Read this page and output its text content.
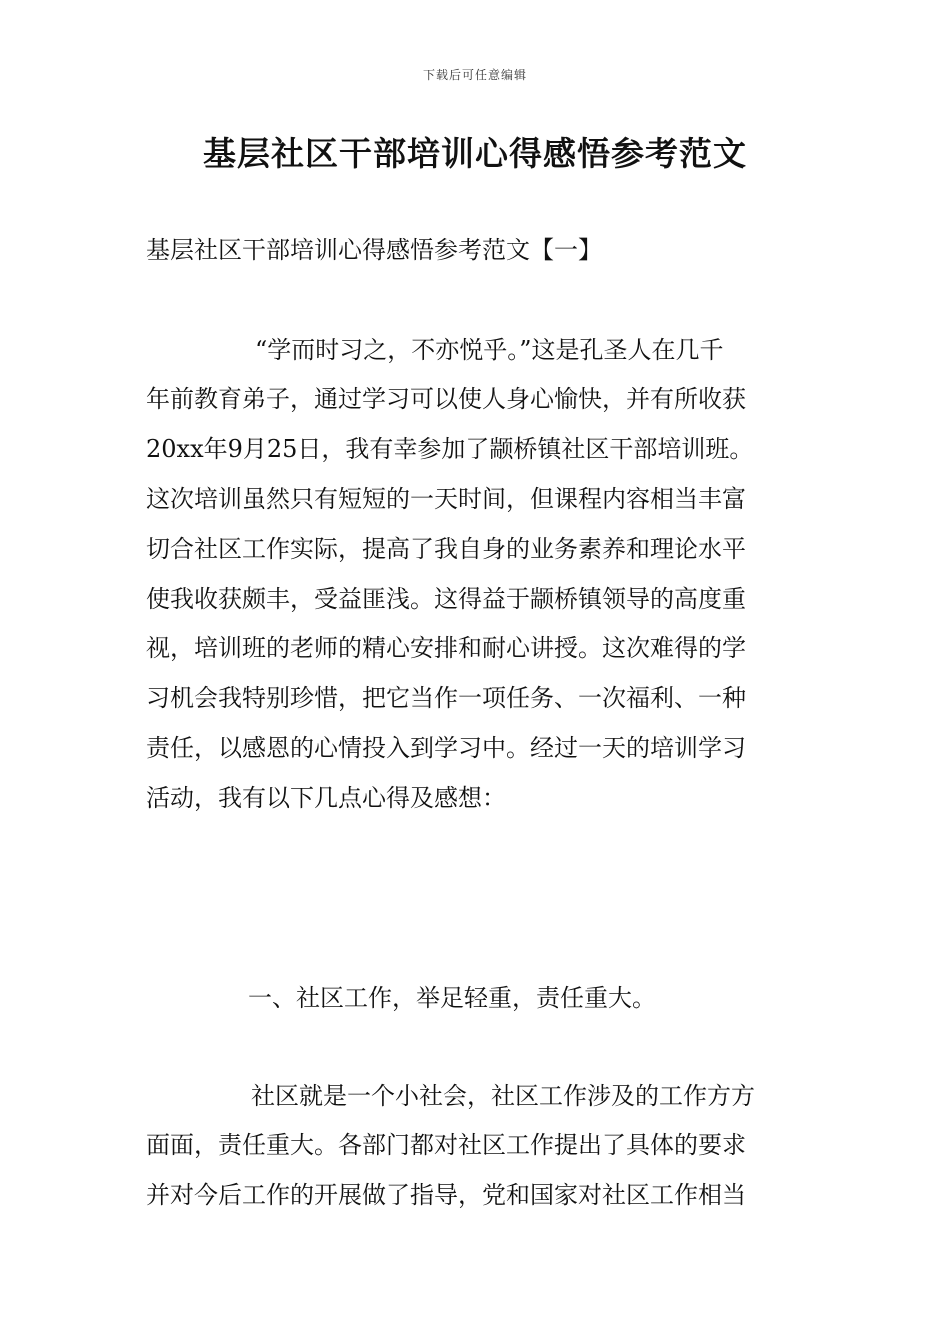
下载后可任意编辑
基层社区干部培训心得感悟参考范文
基层社区干部培训心得感悟参考范文【一】
“学而时习之，不亦悦乎。”这是孔圣人在几千
年前教育弟子，通过学习可以使人身心愉快，并有所收获
20xx年9月25日，我有幸参加了颛桥镇社区干部培训班。
这次培训虽然只有短短的一天时间，但课程内容相当丰富
切合社区工作实际，提高了我自身的业务素养和理论水平
使我收获颇丰，受益匪浅。这得益于颛桥镇领导的高度重
视，培训班的老师的精心安排和耐心讲授。这次难得的学
习机会我特别珍惜，把它当作一项任务、一次福利、一种
责任，以感恩的心情投入到学习中。经过一天的培训学习
活动，我有以下几点心得及感想：
一、社区工作，举足轻重，责任重大。
社区就是一个小社会，社区工作涉及的工作方方
面面，责任重大。各部门都对社区工作提出了具体的要求
并对今后工作的开展做了指导，党和国家对社区工作相当
